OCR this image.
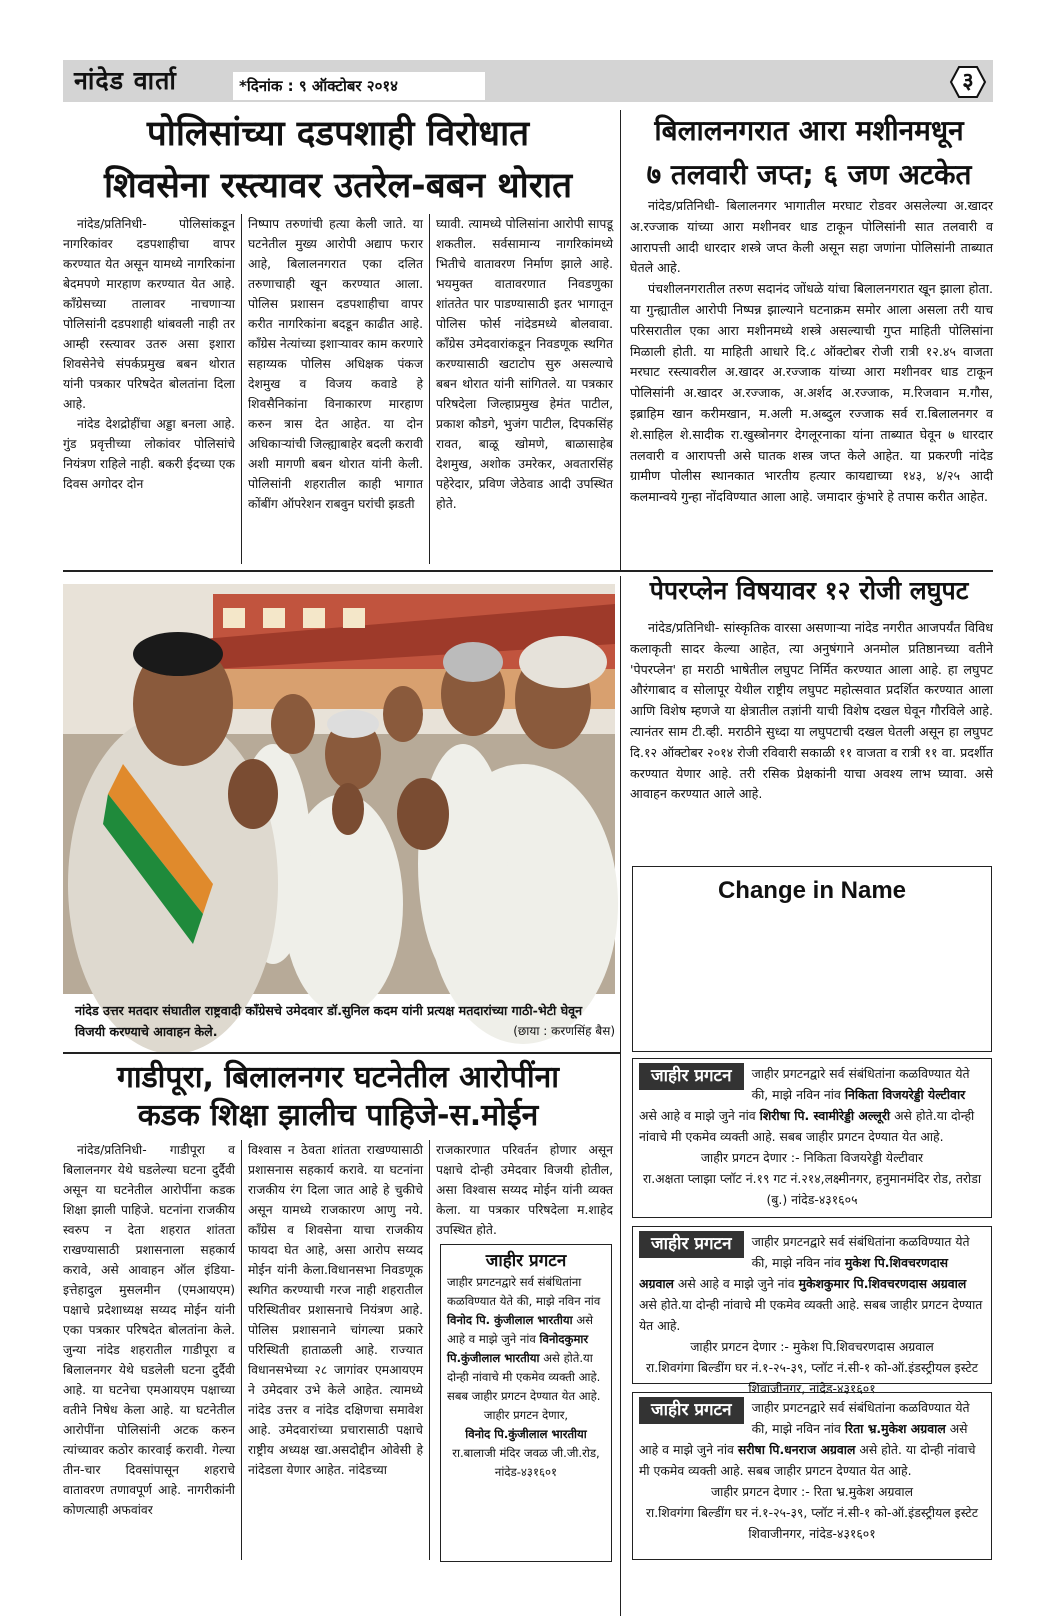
नांदेड वार्ता	*दिनांक : ९ ऑक्टोबर २०१४	३
पोलिसांच्या दडपशाही विरोधात
शिवसेना रस्त्यावर उतरेल-बबन थोरात

नांदेड/प्रतिनिधी- पोलिसांकडून नागरिकांवर दडपशाहीचा वापर करण्यात येत असून यामध्ये नागरिकांना बेदमपणे मारहाण करण्यात येत आहे. कॉंग्रेसच्या तालावर नाचणाऱ्या पोलिसांनी दडपशाही थांबवली नाही तर आम्ही रस्त्यावर उतरु असा इशारा शिवसेनेचे संपर्कप्रमुख बबन थोरात यांनी पत्रकार परिषदेत बोलतांना दिला आहे.

नांदेड देशद्रोहींचा अड्डा बनला आहे. गुंड प्रवृत्तीच्या लोकांवर पोलिसांचे नियंत्रण राहिले नाही. बकरी ईदच्या एक दिवस अगोदर दोन

निष्पाप तरुणांची हत्या केली जाते. या घटनेतील मुख्य आरोपी अद्याप फरार आहे, बिलालनगरात एका दलित तरुणाचाही खून करण्यात आला. पोलिस प्रशासन दडपशाहीचा वापर करीत नागरिकांना बदडून काढीत आहे. कॉंग्रेस नेत्यांच्या इशाऱ्यावर काम करणारे सहाय्यक पोलिस अधिक्षक पंकज देशमुख व विजय कवाडे हे शिवसैनिकांना विनाकारण मारहाण करुन त्रास देत आहेत. या दोन अधिकाऱ्यांची जिल्ह्याबाहेर बदली करावी अशी मागणी बबन थोरात यांनी केली. पोलिसांनी शहरातील काही भागात कोंबींग ऑपरेशन राबवुन घरांची झडती

घ्यावी. त्यामध्ये पोलिसांना आरोपी सापडू शकतील. सर्वसामान्य नागरिकांमध्ये भितीचे वातावरण निर्माण झाले आहे. भयमुक्त वातावरणात निवडणुका शांततेत पार पाडण्यासाठी इतर भागातून पोलिस फोर्स नांदेडमध्ये बोलवावा. कॉंग्रेस उमेदवारांकडून निवडणूक स्थगित करण्यासाठी खटाटोप सुरु असल्याचे बबन थोरात यांनी सांगितले. या पत्रकार परिषदेला जिल्हाप्रमुख हेमंत पाटील, प्रकाश कौडगे, भुजंग पाटील, दिपकसिंह रावत, बाळू खोमणे, बाळासाहेब देशमुख, अशोक उमरेकर, अवतारसिंह पहेरेदार, प्रविण जेठेवाड आदी उपस्थित होते.

बिलालनगरात आरा मशीनमधून
७ तलवारी जप्त; ६ जण अटकेत

नांदेड/प्रतिनिधी- बिलालनगर भागातील मरघाट रोडवर असलेल्या अ.खादर अ.रज्जाक यांच्या आरा मशीनवर धाड टाकून पोलिसांनी सात तलवारी व आरापत्ती आदी धारदार शस्त्रे जप्त केली असून सहा जणांना पोलिसांनी ताब्यात घेतले आहे.

पंचशीलनगरातील तरुण सदानंद जोंधळे यांचा बिलालनगरात खून झाला होता. या गुन्ह्यातील आरोपी निष्पन्न झाल्याने घटनाक्रम समोर आला असला तरी याच परिसरातील एका आरा मशीनमध्ये शस्त्रे असल्याची गुप्त माहिती पोलिसांना मिळाली होती. या माहिती आधारे दि.८ ऑक्टोबर रोजी रात्री १२.४५ वाजता मरघाट रस्त्यावरील अ.खादर अ.रज्जाक यांच्या आरा मशीनवर धाड टाकून पोलिसांनी अ.खादर अ.रज्जाक, अ.अर्शद अ.रज्जाक, म.रिजवान म.गौस, इब्राहिम खान करीमखान, म.अली म.अब्दुल रज्जाक सर्व रा.बिलालनगर व शे.साहिल शे.सादीक रा.खुस्त्रोनगर देगलूरनाका यांना ताब्यात घेवून ७ धारदार तलवारी व आरापत्ती असे घातक शस्त्र जप्त केले आहेत. या प्रकरणी नांदेड ग्रामीण पोलीस स्थानकात भारतीय हत्यार कायद्याच्या १४३, ४/२५ आदी कलमान्वये गुन्हा नोंदविण्यात आला आहे. जमादार कुंभारे हे तपास करीत आहेत.

नांदेड उत्तर मतदार संघातील राष्ट्रवादी कॉंग्रेसचे उमेदवार डॉ.सुनिल कदम यांनी प्रत्यक्ष मतदारांच्या गाठी-भेटी घेवून विजयी करण्याचे आवाहन केले.	(छाया : करणसिंह बैस)
पेपरप्लेन विषयावर १२ रोजी लघुपट

नांदेड/प्रतिनिधी- सांस्कृतिक वारसा असणाऱ्या नांदेड नगरीत आजपर्यंत विविध कलाकृती सादर केल्या आहेत, त्या अनुषंगाने अनमोल प्रतिष्ठानच्या वतीने 'पेपरप्लेन' हा मराठी भाषेतील लघुपट निर्मित करण्यात आला आहे. हा लघुपट औरंगाबाद व सोलापूर येथील राष्ट्रीय लघुपट महोत्सवात प्रदर्शित करण्यात आला आणि विशेष म्हणजे या क्षेत्रातील तज्ञांनी याची विशेष दखल घेवून गौरविले आहे. त्यानंतर साम टी.व्ही. मराठीने सुध्दा या लघुपटाची दखल घेतली असून हा लघुपट दि.१२ ऑक्टोबर २०१४ रोजी रविवारी सकाळी ११ वाजता व रात्री ११ वा. प्रदर्शीत करण्यात येणार आहे. तरी रसिक प्रेक्षकांनी याचा अवश्य लाभ घ्यावा. असे आवाहन करण्यात आले आहे.

Change in Name
गाडीपूरा, बिलालनगर घटनेतील आरोपींना
कडक शिक्षा झालीच पाहिजे-स.मोईन

नांदेड/प्रतिनिधी- गाडीपूरा व बिलालनगर येथे घडलेल्या घटना दुर्दैवी असून या घटनेतील आरोपींना कडक शिक्षा झाली पाहिजे. घटनांना राजकीय स्वरुप न देता शहरात शांतता राखण्यासाठी प्रशासनाला सहकार्य करावे, असे आवाहन ऑल इंडिया-इत्तेहादुल मुसलमीन (एमआयएम) पक्षाचे प्रदेशाध्यक्ष सय्यद मोईन यांनी एका पत्रकार परिषदेत बोलतांना केले. जुन्या नांदेड शहरातील गाडीपूरा व बिलालनगर येथे घडलेली घटना दुर्दैवी आहे. या घटनेचा एमआयएम पक्षाच्या वतीने निषेध केला आहे. या घटनेतील आरोपींना पोलिसांनी अटक करुन त्यांच्यावर कठोर कारवाई करावी. गेल्या तीन-चार दिवसांपासून शहराचे वातावरण तणावपूर्ण आहे. नागरीकांनी कोणत्याही अफवांवर

विश्वास न ठेवता शांतता राखण्यासाठी प्रशासनास सहकार्य करावे. या घटनांना राजकीय रंग दिला जात आहे हे चुकीचे असून यामध्ये राजकारण आणु नये. कॉंग्रेस व शिवसेना याचा राजकीय फायदा घेत आहे, असा आरोप सय्यद मोईन यांनी केला.विधानसभा निवडणूक स्थगित करण्याची गरज नाही शहरातील परिस्थितीवर प्रशासनाचे नियंत्रण आहे. पोलिस प्रशासनाने चांगल्या प्रकारे परिस्थिती हाताळली आहे. राज्यात विधानसभेच्या २८ जागांवर एमआयएम ने उमेदवार उभे केले आहेत. त्यामध्ये नांदेड उत्तर व नांदेड दक्षिणचा समावेश आहे. उमेदवारांच्या प्रचारासाठी पक्षाचे राष्ट्रीय अध्यक्ष खा.असदोद्दीन ओवेसी हे नांदेडला येणार आहेत. नांदेडच्या

राजकारणात परिवर्तन होणार असून पक्षाचे दोन्ही उमेदवार विजयी होतील, असा विश्वास सय्यद मोईन यांनी व्यक्त केला. या पत्रकार परिषदेला म.शाहेद उपस्थित होते.

जाहीर प्रगटन
जाहीर प्रगटनद्वारे सर्व संबंधितांना कळविण्यात येते की, माझे नविन नांव विनोद पि. कुंजीलाल भारतीया असे आहे व माझे जुने नांव विनोदकुमार पि.कुंजीलाल भारतीया असे होते.या दोन्ही नांवाचे मी एकमेव व्यक्ती आहे. सबब जाहीर प्रगटन देण्यात येत आहे.
जाहीर प्रगटन देणार,
विनोद पि.कुंजीलाल भारतीया
रा.बालाजी मंदिर जवळ जी.जी.रोड, नांदेड-४३१६०१
जाहीर प्रगटन	जाहीर प्रगटनद्वारे सर्व संबंधितांना कळविण्यात येते की, माझे नविन नांव निकिता विजयरेड्डी येल्टीवार असे आहे व माझे जुने नांव शिरीषा पि. स्वामीरेड्डी अल्लूरी असे होते.या दोन्ही नांवाचे मी एकमेव व्यक्ती आहे. सबब जाहीर प्रगटन देण्यात येत आहे.
जाहीर प्रगटन देणार :- निकिता विजयरेड्डी येल्टीवार
रा.अक्षता प्लाझा प्लॉट नं.१९ गट नं.२१४,लक्ष्मीनगर, हनुमानमंदिर रोड, तरोडा (बु.) नांदेड-४३१६०५
जाहीर प्रगटन	जाहीर प्रगटनद्वारे सर्व संबंधितांना कळविण्यात येते की, माझे नविन नांव मुकेश पि.शिवचरणदास अग्रवाल असे आहे व माझे जुने नांव मुकेशकुमार पि.शिवचरणदास अग्रवाल असे होते.या दोन्ही नांवाचे मी एकमेव व्यक्ती आहे. सबब जाहीर प्रगटन देण्यात येत आहे.
जाहीर प्रगटन देणार :- मुकेश पि.शिवचरणदास अग्रवाल
रा.शिवगंगा बिल्डींग घर नं.१-२५-३९, प्लॉट नं.सी-१ को-ऑ.इंडस्ट्रीयल इस्टेट शिवाजीनगर, नांदेड-४३१६०१
जाहीर प्रगटन	जाहीर प्रगटनद्वारे सर्व संबंधितांना कळविण्यात येते की, माझे नविन नांव रिता भ्र.मुकेश अग्रवाल असे आहे व माझे जुने नांव सरीषा पि.धनराज अग्रवाल असे होते. या दोन्ही नांवाचे मी एकमेव व्यक्ती आहे. सबब जाहीर प्रगटन देण्यात येत आहे.
जाहीर प्रगटन देणार :- रिता भ्र.मुकेश अग्रवाल
रा.शिवगंगा बिल्डींग घर नं.१-२५-३९, प्लॉट नं.सी-१ को-ऑ.इंडस्ट्रीयल इस्टेट शिवाजीनगर, नांदेड-४३१६०१
